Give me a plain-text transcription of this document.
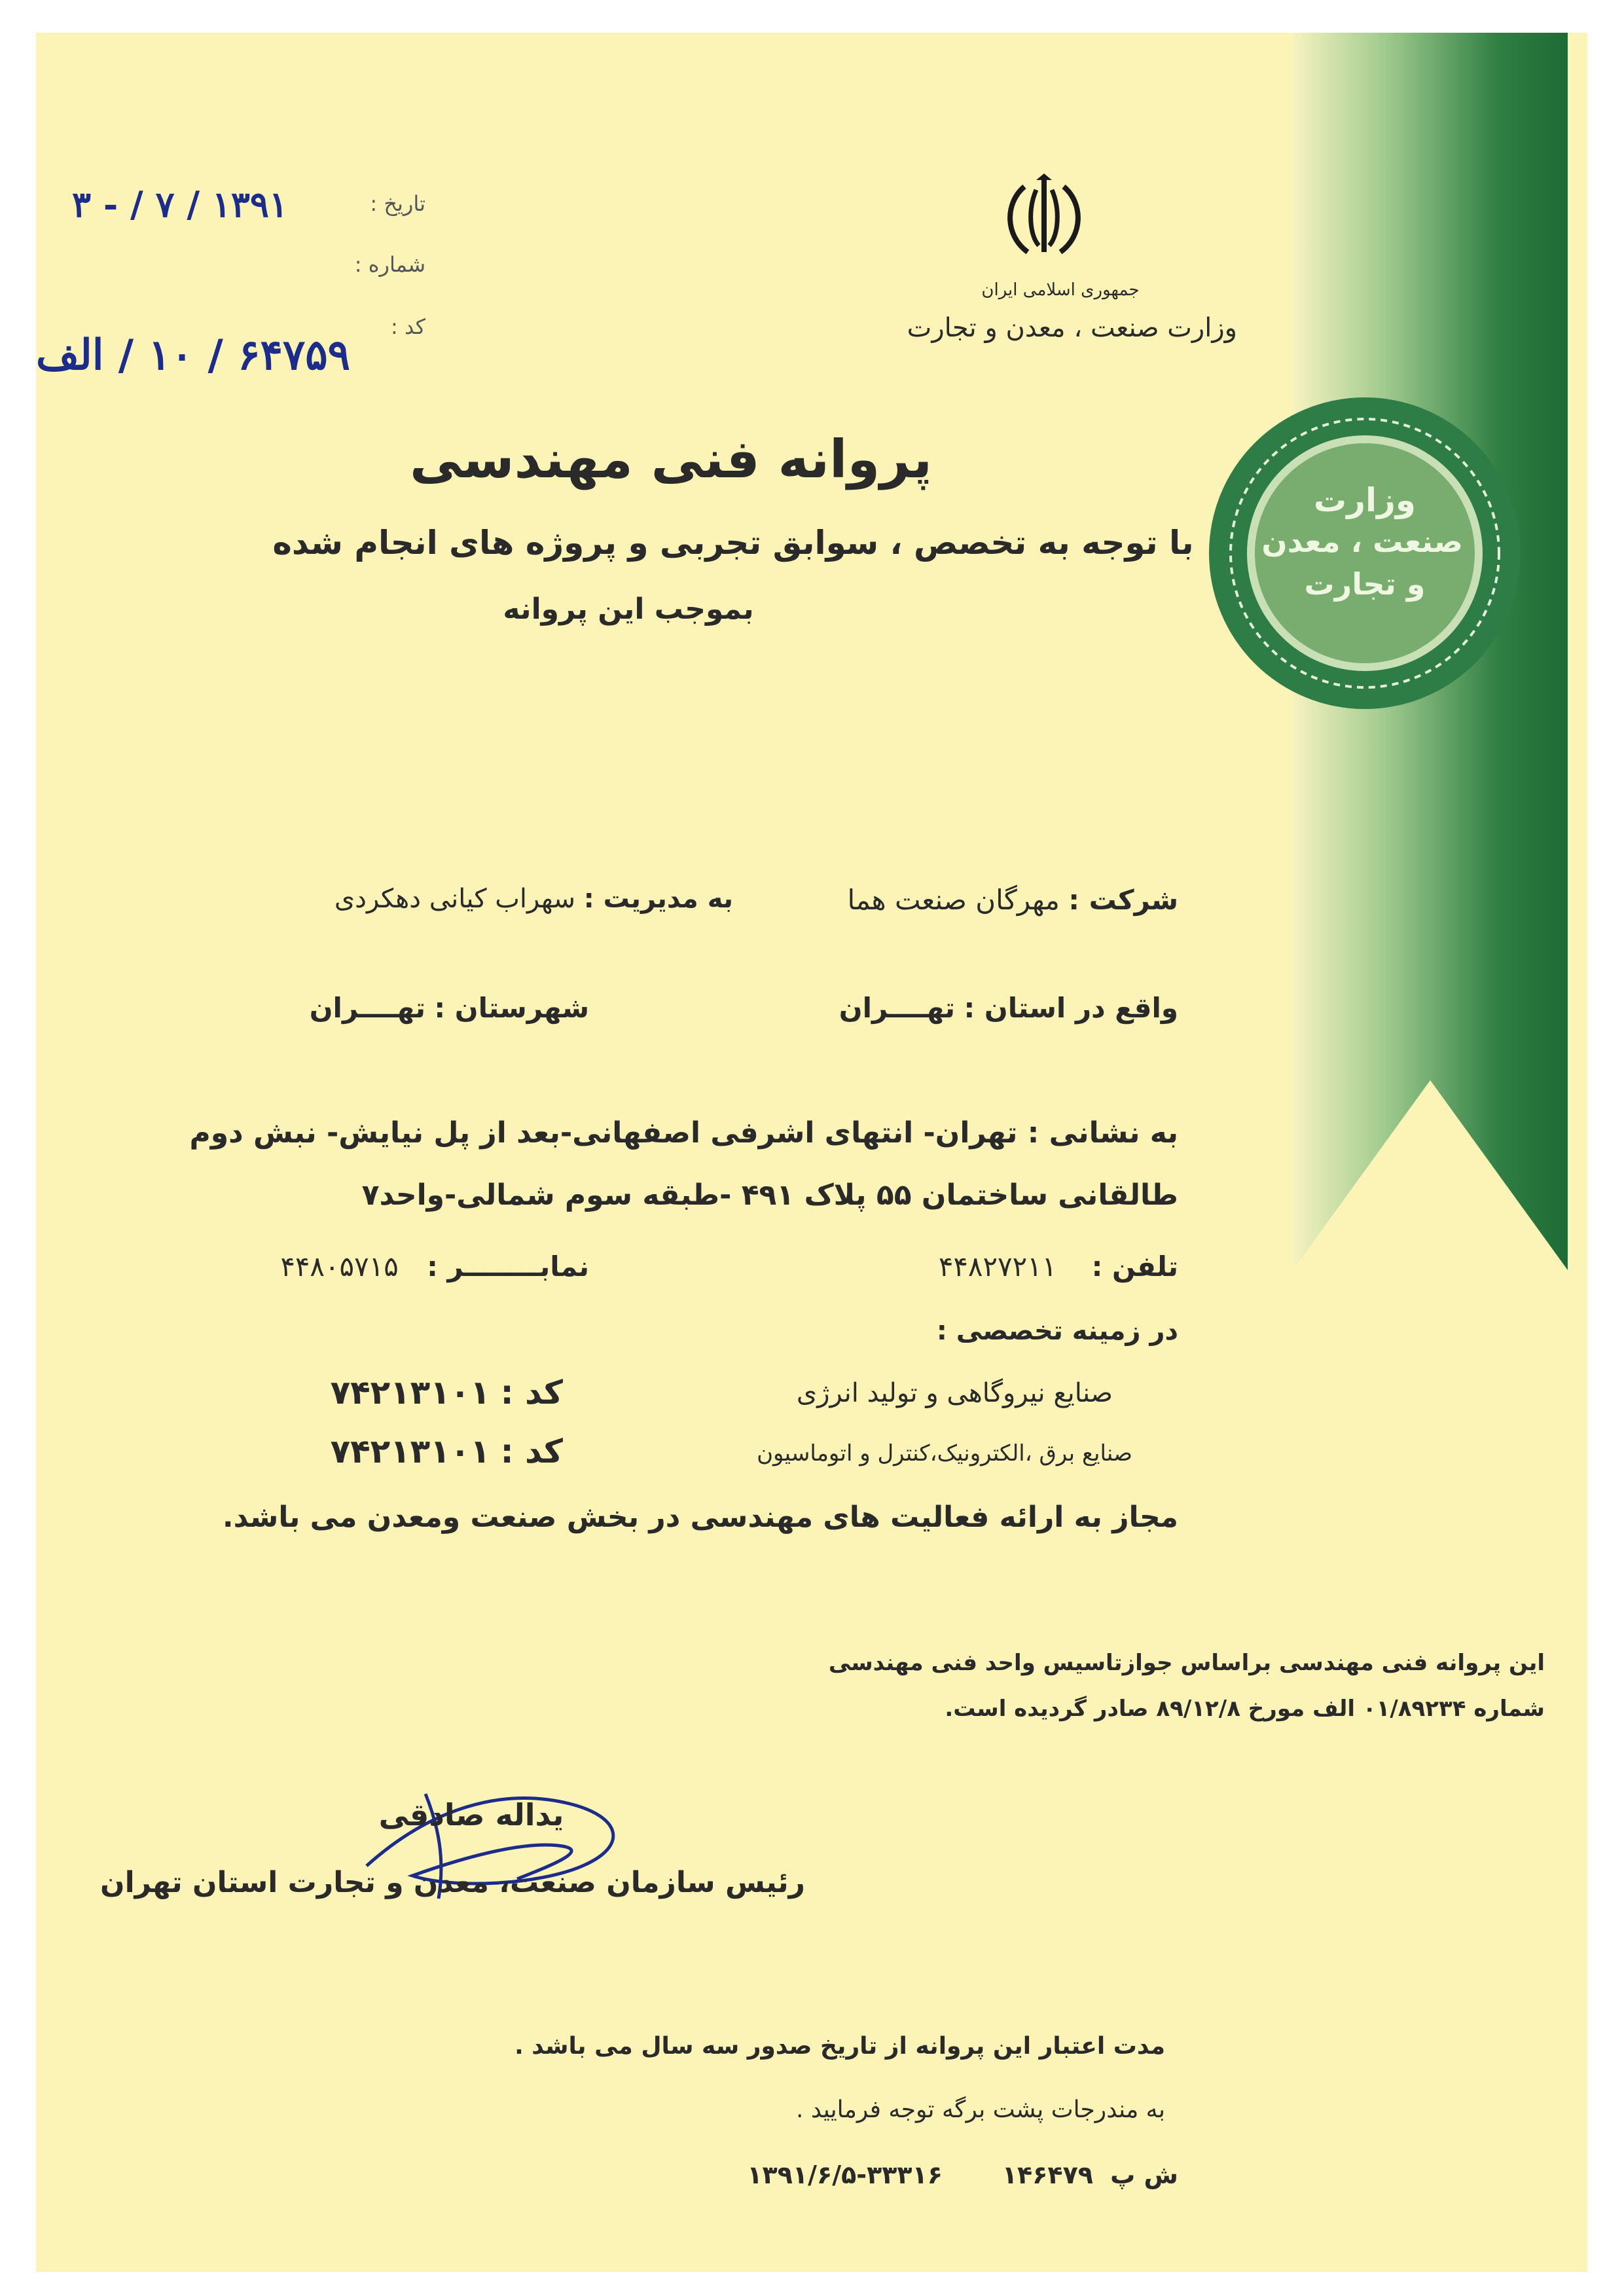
وزارت
صنعت ، معدن
و تجارت
جمهوری اسلامی ایران
وزارت صنعت ، معدن و تجارت
تاریخ :
۱۳۹۱ / ۷ / - ۳
شماره :
کد :
۶۴۷۵۹ / ۱۰ / الف
پروانه فنی مهندسی
با توجه به تخصص ، سوابق تجربی و پروژه های انجام شده
بموجب این پروانه
شرکت : مهرگان صنعت هما
به مدیریت : سهراب کیانی دهکردی
واقع در استان : تهــــران
شهرستان : تهــــران
به نشانی : تهران- انتهای اشرفی اصفهانی-بعد از پل نیایش- نبش دوم
طالقانی ساختمان ۵۵ پلاک ۴۹۱ -طبقه سوم شمالی-واحد۷
تلفن : ۴۴۸۲۷۲۱۱
نمابــــــــر : ۴۴۸۰۵۷۱۵
در زمینه تخصصی :
صنایع نیروگاهی و تولید انرژی
کد : ۷۴۲۱۳۱۰۱
صنایع برق ،الکترونیک،کنترل و اتوماسیون
کد : ۷۴۲۱۳۱۰۱
مجاز به ارائه فعالیت های مهندسی در بخش صنعت ومعدن می باشد.
این پروانه فنی مهندسی براساس جوازتاسیس واحد فنی مهندسی
شماره ۰۱/۸۹۲۳۴ الف مورخ ۸۹/۱۲/۸ صادر گردیده است.
یداله صادقی
رئیس سازمان صنعت، معدن و تجارت استان تهران
مدت اعتبار این پروانه از تاریخ صدور سه سال می باشد .
به مندرجات پشت برگه توجه فرمایید .
ش پ
۱۴۶۴۷۹
۱۳۹۱/۶/۵-۳۳۳۱۶
